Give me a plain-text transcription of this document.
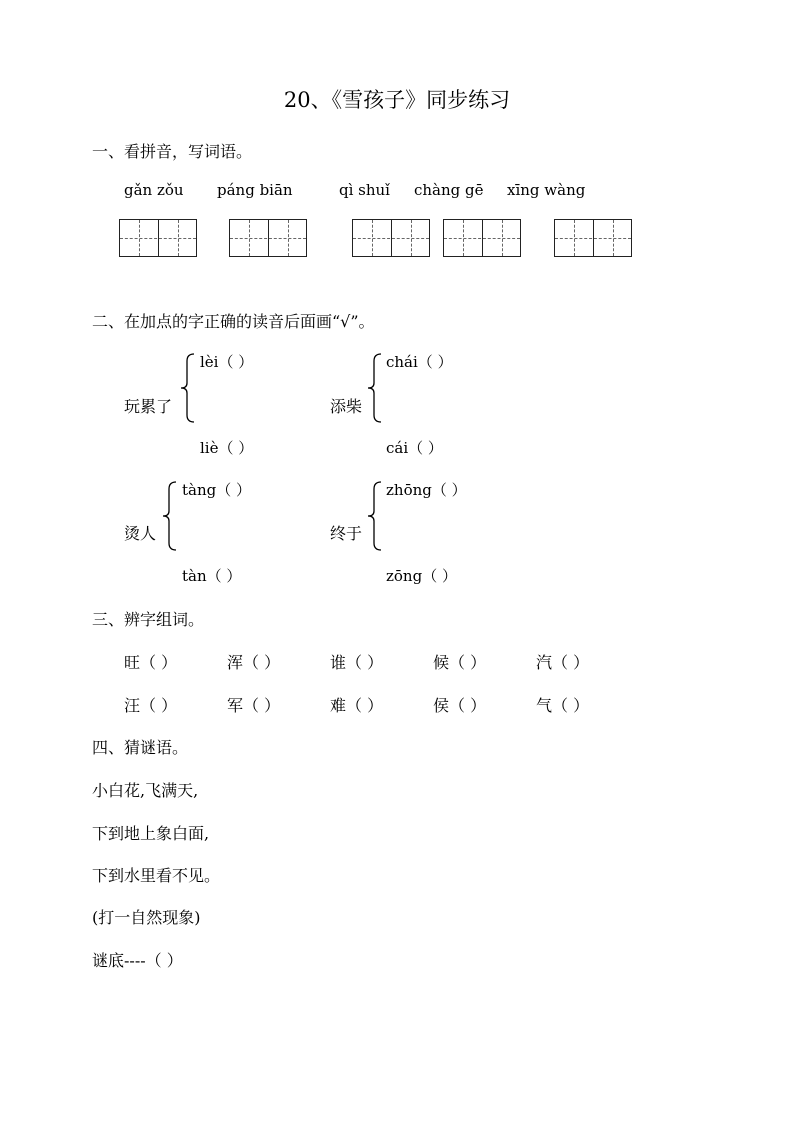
20、《雪孩子》同步练习
一、看拼音，写词语。
gǎn zǒu páng biān	qì shuǐ chàng gē xīng wàng
二、在加点的字正确的读音后面画“√”。
玩累了
lèi（ ）
liè（ ）
添柴
chái（ ）
cái（ ）
烫人
tàng（ ）
tàn（ ）
终于
zhōng（ ）
zōng（ ）
三、辨字组词。
旺（ ）	浑（ ）	谁（ ）	候（ ）	汽（ ）
汪（ ）	军（ ）	难（ ）	侯（ ）	气（ ）
四、猜谜语。
小白花,飞满天,
下到地上象白面,
下到水里看不见。
(打一自然现象)
谜底----（ ）
